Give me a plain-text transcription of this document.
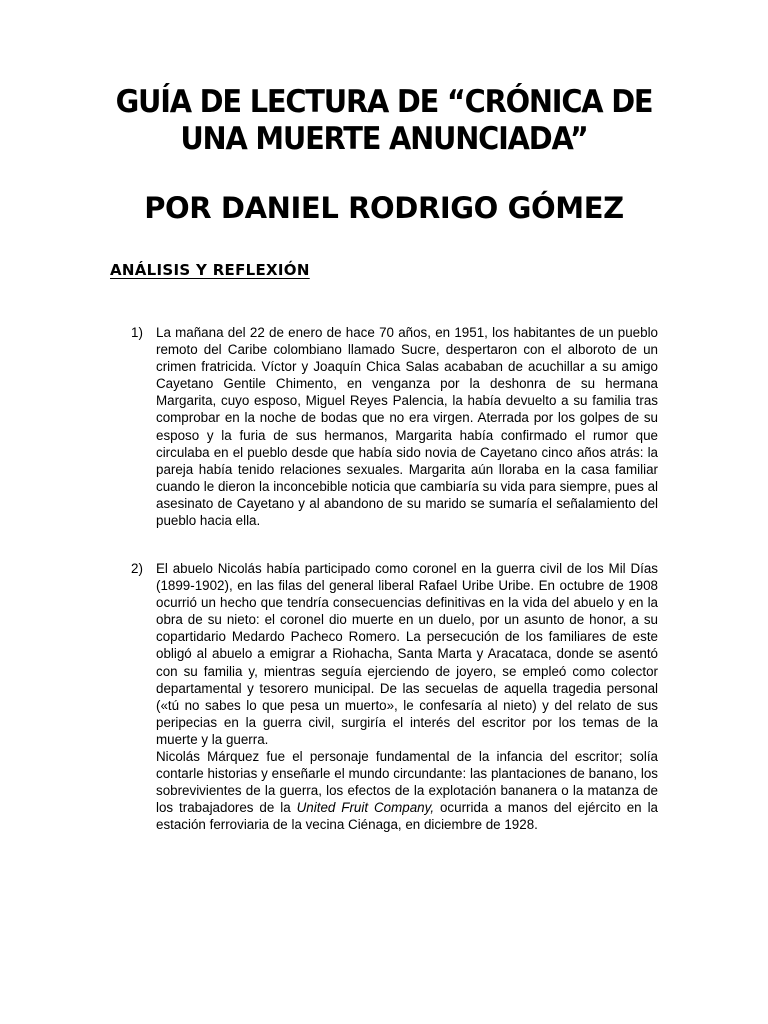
GUÍA DE LECTURA DE “CRÓNICA DE
UNA MUERTE ANUNCIADA”
POR DANIEL RODRIGO GÓMEZ
ANÁLISIS Y REFLEXIÓN
1) La mañana del 22 de enero de hace 70 años, en 1951, los habitantes de un pueblo remoto del Caribe colombiano llamado Sucre, despertaron con el alboroto de un crimen fratricida. Víctor y Joaquín Chica Salas acababan de acuchillar a su amigo Cayetano Gentile Chimento, en venganza por la deshonra de su hermana Margarita, cuyo esposo, Miguel Reyes Palencia, la había devuelto a su familia tras comprobar en la noche de bodas que no era virgen. Aterrada por los golpes de su esposo y la furia de sus hermanos, Margarita había confirmado el rumor que circulaba en el pueblo desde que había sido novia de Cayetano cinco años atrás: la pareja había tenido relaciones sexuales. Margarita aún lloraba en la casa familiar cuando le dieron la inconcebible noticia que cambiaría su vida para siempre, pues al asesinato de Cayetano y al abandono de su marido se sumaría el señalamiento del pueblo hacia ella.

2) El abuelo Nicolás había participado como coronel en la guerra civil de los Mil Días (1899-1902), en las filas del general liberal Rafael Uribe Uribe. En octubre de 1908 ocurrió un hecho que tendría consecuencias definitivas en la vida del abuelo y en la obra de su nieto: el coronel dio muerte en un duelo, por un asunto de honor, a su copartidario Medardo Pacheco Romero. La persecución de los familiares de este obligó al abuelo a emigrar a Riohacha, Santa Marta y Aracataca, donde se asentó con su familia y, mientras seguía ejerciendo de joyero, se empleó como colector departamental y tesorero municipal. De las secuelas de aquella tragedia personal («tú no sabes lo que pesa un muerto», le confesaría al nieto) y del relato de sus peripecias en la guerra civil, surgiría el interés del escritor por los temas de la muerte y la guerra.

Nicolás Márquez fue el personaje fundamental de la infancia del escritor; solía contarle historias y enseñarle el mundo circundante: las plantaciones de banano, los sobrevivientes de la guerra, los efectos de la explotación bananera o la matanza de los trabajadores de la United Fruit Company, ocurrida a manos del ejército en la estación ferroviaria de la vecina Ciénaga, en diciembre de 1928.
